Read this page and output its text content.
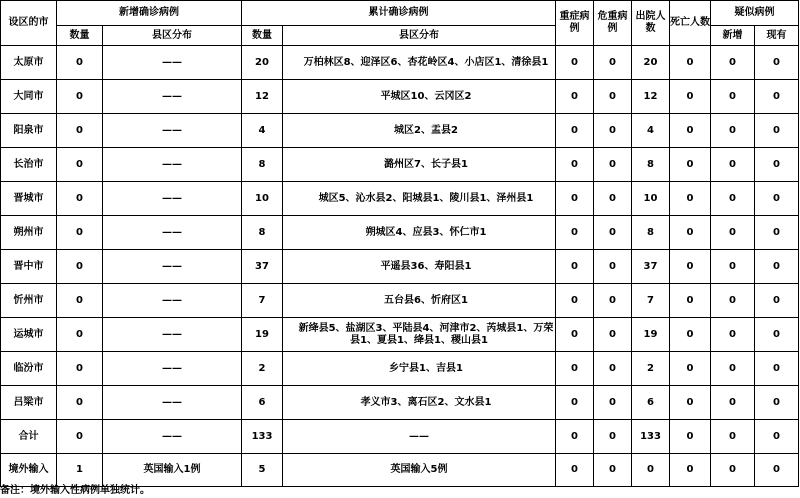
设区的市	新增确诊病例		累计确诊病例		重症病例	危重病例	出院人数	死亡人数	疑似病例	
	数量	县区分布	数量	县区分布					新增	现有
太原市	0	——	20	万柏林区8、迎泽区6、杏花岭区4、小店区1、清徐县1	0	0	20	0	0	0
大同市	0	——	12	平城区10、云冈区2	0	0	12	0	0	0
阳泉市	0	——	4	城区2、盂县2	0	0	4	0	0	0
长治市	0	——	8	潞州区7、长子县1	0	0	8	0	0	0
晋城市	0	——	10	城区5、沁水县2、阳城县1、陵川县1、泽州县1	0	0	10	0	0	0
朔州市	0	——	8	朔城区4、应县3、怀仁市1	0	0	8	0	0	0
晋中市	0	——	37	平遥县36、寿阳县1	0	0	37	0	0	0
忻州市	0	——	7	五台县6、忻府区1	0	0	7	0	0	0
运城市	0	——	19	新绛县5、盐湖区3、平陆县4、河津市2、芮城县1、万荣县1、夏县1、绛县1、稷山县1	0	0	19	0	0	0
临汾市	0	——	2	乡宁县1、吉县1	0	0	2	0	0	0
吕梁市	0	——	6	孝义市3、离石区2、文水县1	0	0	6	0	0	0
合计	0	——	133	——	0	0	133	0	0	0
境外输入	1	英国输入1例	5	英国输入5例	0	0	0	0	0	0
备注：境外输入性病例单独统计。
